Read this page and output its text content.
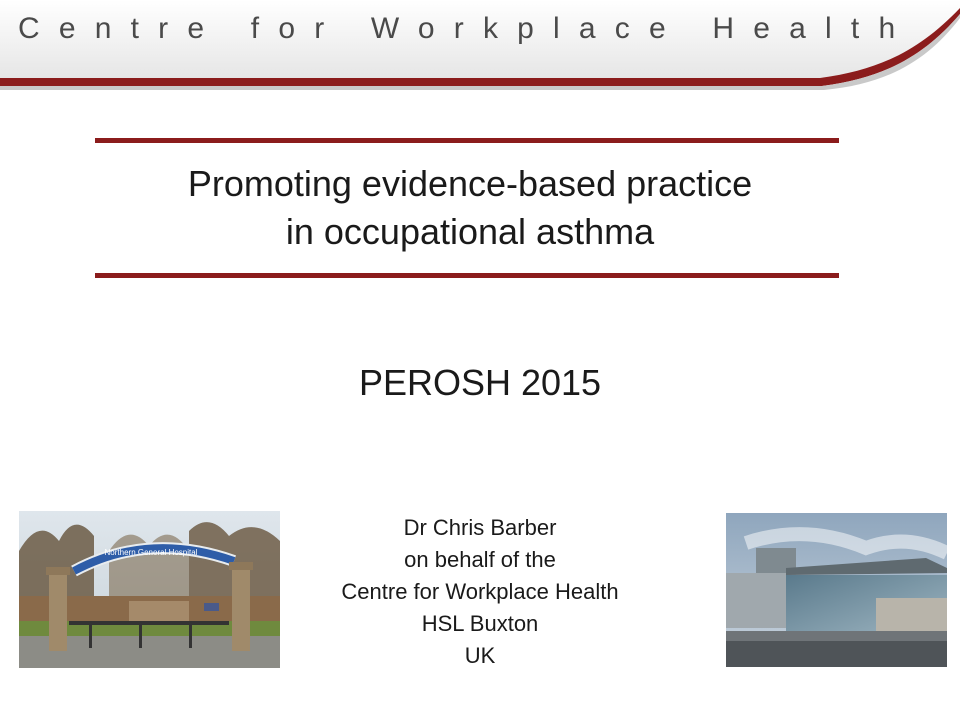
Centre for Workplace Health
Promoting evidence-based practice
in occupational asthma
PEROSH 2015
Dr Chris Barber
on behalf of the
Centre for Workplace Health
HSL Buxton
UK
Northern General Hospital
